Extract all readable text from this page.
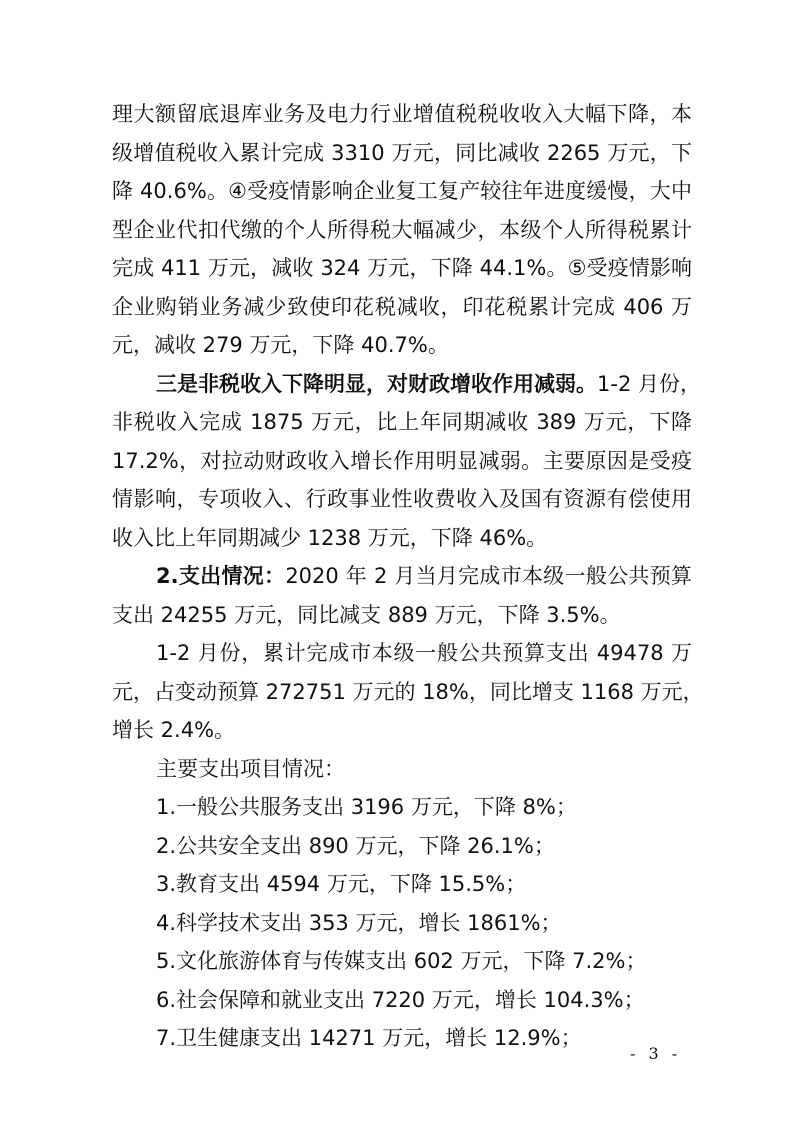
理大额留底退库业务及电力行业增值税税收收入大幅下降，本
级增值税收入累计完成 3310 万元，同比减收 2265 万元，下
降 40.6%。④受疫情影响企业复工复产较往年进度缓慢，大中
型企业代扣代缴的个人所得税大幅减少，本级个人所得税累计
完成 411 万元，减收 324 万元，下降 44.1%。⑤受疫情影响
企业购销业务减少致使印花税减收，印花税累计完成 406 万
元，减收 279 万元，下降 40.7%。
三是非税收入下降明显，对财政增收作用减弱。1-2 月份，
非税收入完成 1875 万元，比上年同期减收 389 万元，下降
17.2%，对拉动财政收入增长作用明显减弱。主要原因是受疫
情影响，专项收入、行政事业性收费收入及国有资源有偿使用
收入比上年同期减少 1238 万元，下降 46%。
2.支出情况：2020 年 2 月当月完成市本级一般公共预算
支出 24255 万元，同比减支 889 万元，下降 3.5%。
1-2 月份，累计完成市本级一般公共预算支出 49478 万
元，占变动预算 272751 万元的 18%，同比增支 1168 万元，
增长 2.4%。
主要支出项目情况：
1.一般公共服务支出 3196 万元，下降 8%；
2.公共安全支出 890 万元，下降 26.1%；
3.教育支出 4594 万元，下降 15.5%；
4.科学技术支出 353 万元，增长 1861%；
5.文化旅游体育与传媒支出 602 万元，下降 7.2%；
6.社会保障和就业支出 7220 万元，增长 104.3%；
7.卫生健康支出 14271 万元，增长 12.9%；
- 3 -
